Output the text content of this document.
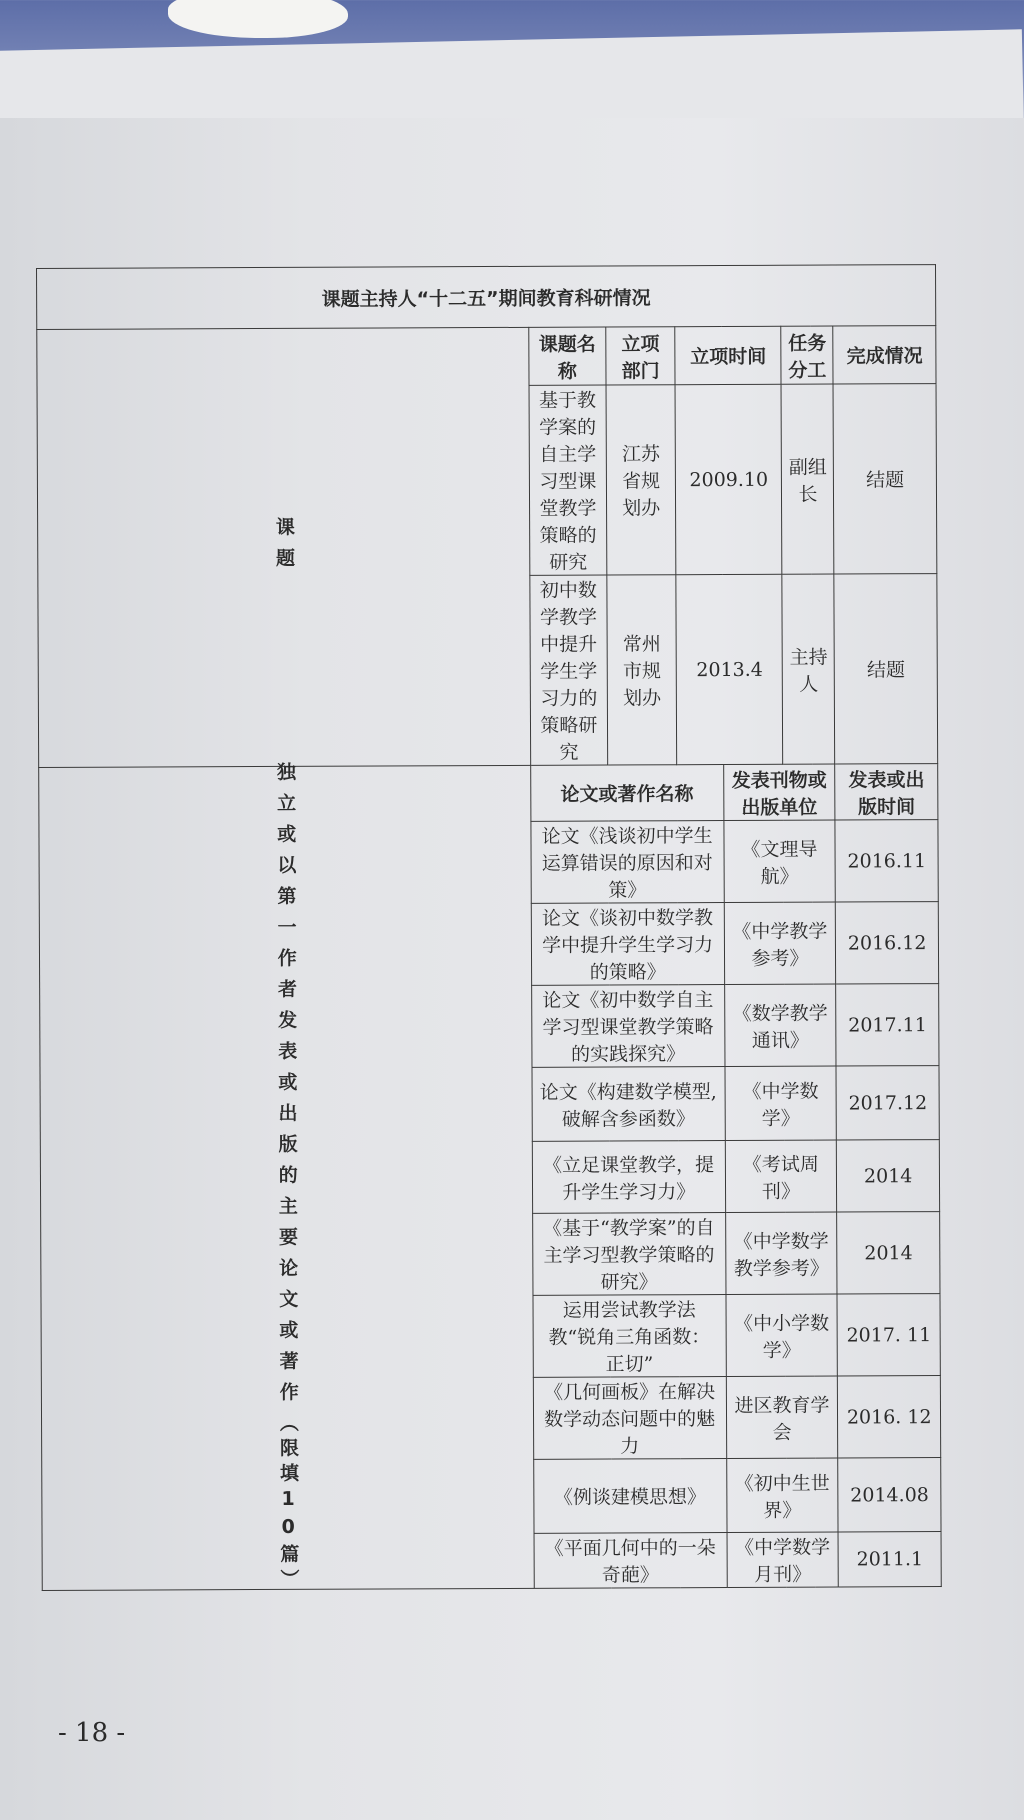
课题主持人“十二五”期间教育科研情况						

课题	课题名称	立项部门	立项时间		任务分工	完成情况
	基于教学案的自主学习型课堂教学策略的研究	江苏省规划办	2009.10		副组长	结题
	初中数学教学中提升学生学习力的策略研究	常州市规划办	2013.4		主持人	结题

独立或以第一作者发表或出版的主要论文或著作
（限填10篇）	论文或著作名称			发表刊物或出版单位		发表或出版时间
	论文《浅谈初中学生运算错误的原因和对策》			《文理导航》		2016.11
	论文《谈初中数学教学中提升学生学习力的策略》			《中学教学参考》		2016.12
	论文《初中数学自主学习型课堂教学策略的实践探究》			《数学教学通讯》		2017.11
	论文《构建数学模型,破解含参函数》			《中学数学》		2017.12
	《立足课堂教学，提升学生学习力》			《考试周刊》		2014
	《基于“教学案”的自主学习型教学策略的研究》			《中学数学教学参考》		2014
	运用尝试教学法教“锐角三角函数：正切”			《中小学数学》		2017. 11
	《几何画板》在解决数学动态问题中的魅力			进区教育学会		2016. 12
	《例谈建模思想》			《初中生世界》		2014.08
	《平面几何中的一朵奇葩》			《中学数学月刊》		2011.1
- 18 -
